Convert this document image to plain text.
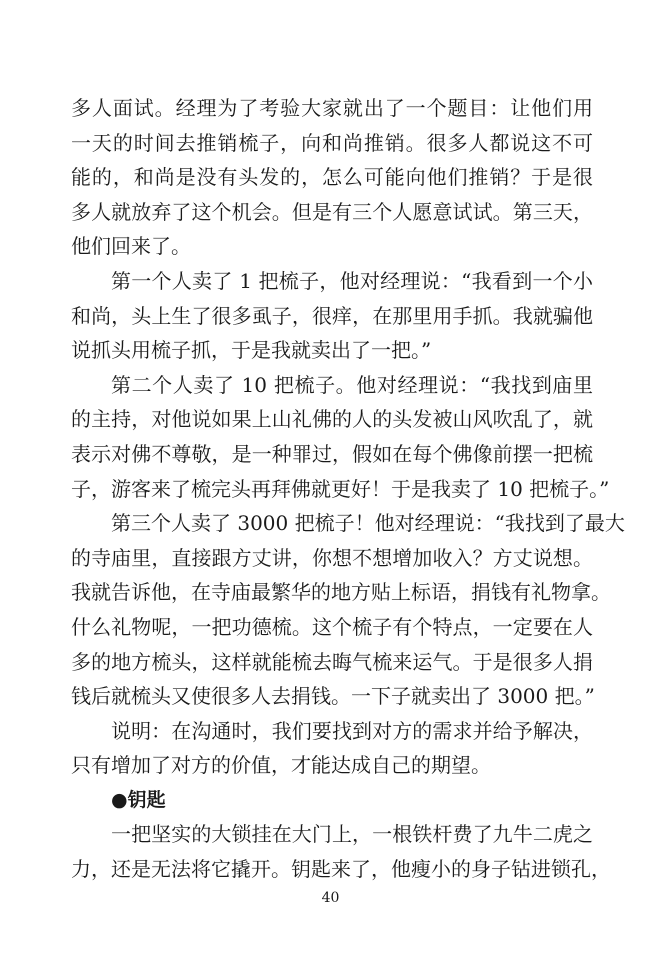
多人面试。经理为了考验大家就出了一个题目：让他们用
一天的时间去推销梳子，向和尚推销。很多人都说这不可
能的，和尚是没有头发的，怎么可能向他们推销？于是很
多人就放弃了这个机会。但是有三个人愿意试试。第三天，
他们回来了。
第一个人卖了 1 把梳子，他对经理说：“我看到一个小
和尚，头上生了很多虱子，很痒，在那里用手抓。我就骗他
说抓头用梳子抓，于是我就卖出了一把。”
第二个人卖了 10 把梳子。他对经理说：“我找到庙里
的主持，对他说如果上山礼佛的人的头发被山风吹乱了，就
表示对佛不尊敬，是一种罪过，假如在每个佛像前摆一把梳
子，游客来了梳完头再拜佛就更好！于是我卖了 10 把梳子。”
第三个人卖了 3000 把梳子！他对经理说：“我找到了最大
的寺庙里，直接跟方丈讲，你想不想增加收入？方丈说想。
我就告诉他，在寺庙最繁华的地方贴上标语，捐钱有礼物拿。
什么礼物呢，一把功德梳。这个梳子有个特点，一定要在人
多的地方梳头，这样就能梳去晦气梳来运气。于是很多人捐
钱后就梳头又使很多人去捐钱。一下子就卖出了 3000 把。”
说明：在沟通时，我们要找到对方的需求并给予解决，
只有增加了对方的价值，才能达成自己的期望。
●钥匙
一把坚实的大锁挂在大门上，一根铁杆费了九牛二虎之
力，还是无法将它撬开。钥匙来了，他瘦小的身子钻进锁孔，
40
